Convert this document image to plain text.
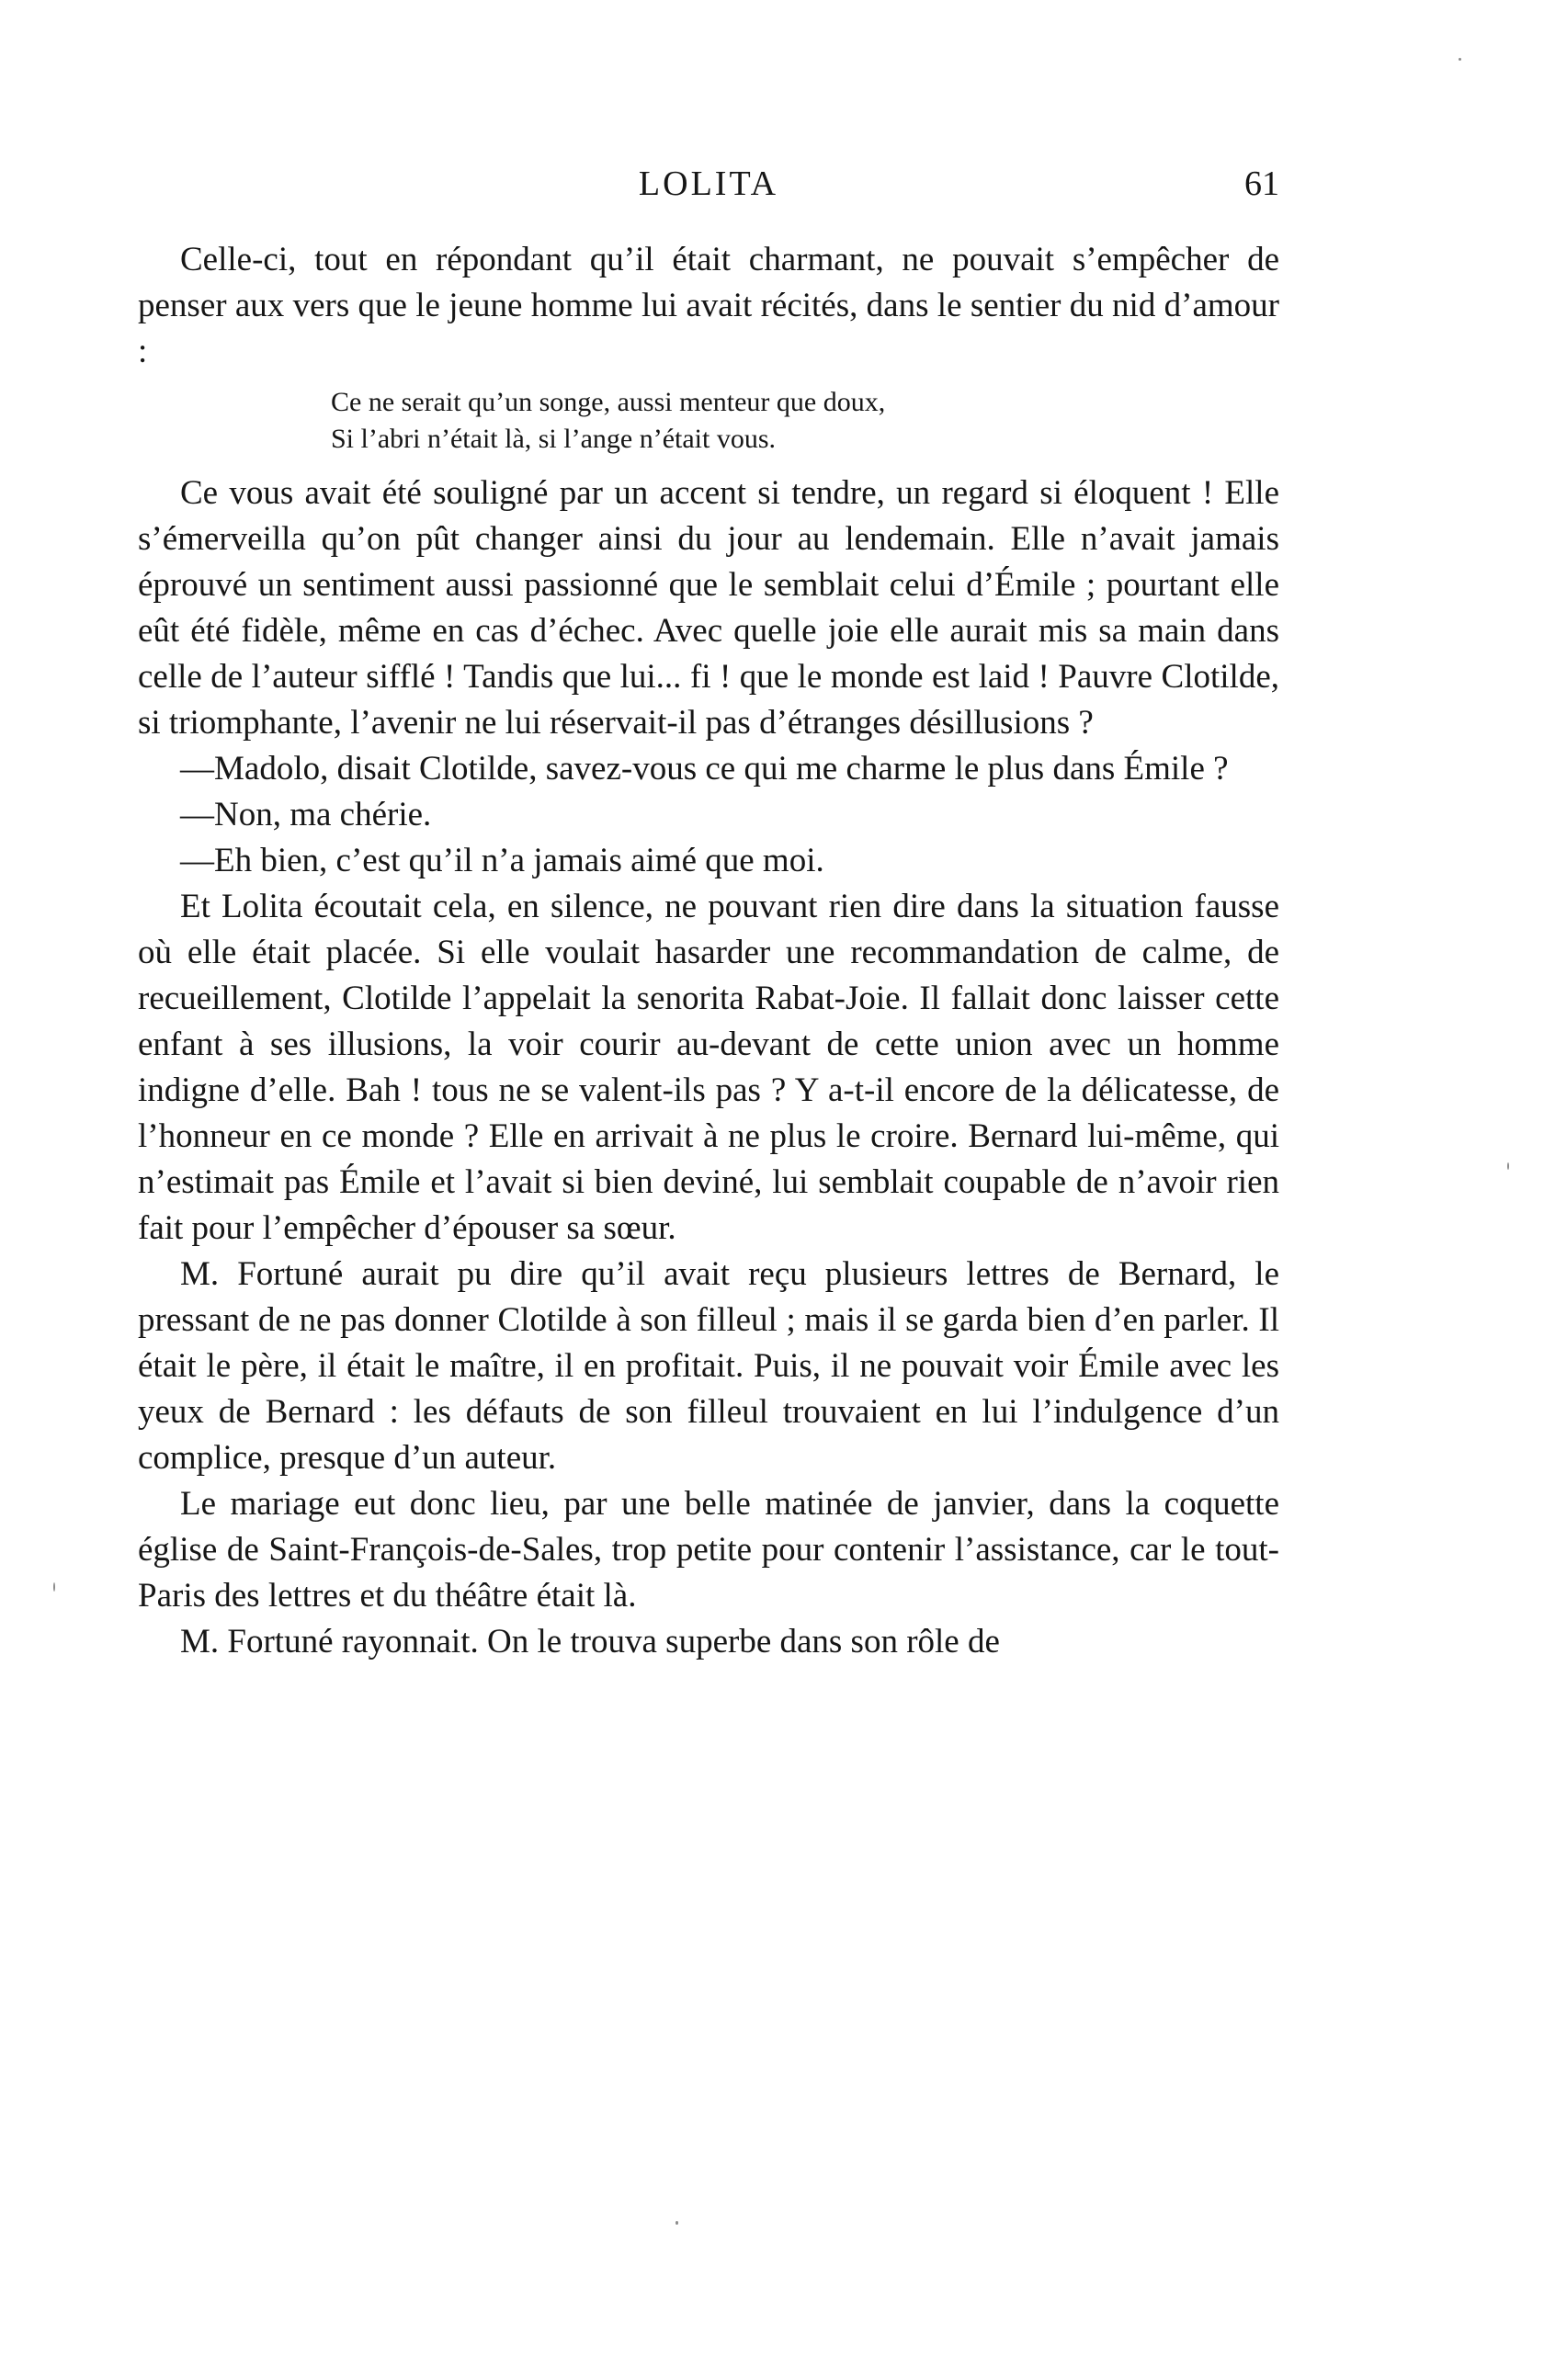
LOLITA	61

Celle-ci, tout en répondant qu’il était charmant, ne pouvait s’empêcher de penser aux vers que le jeune homme lui avait récités, dans le sentier du nid d’amour :

Ce ne serait qu’un songe, aussi menteur que doux,
Si l’abri n’était là, si l’ange n’était vous.

Ce vous avait été souligné par un accent si tendre, un regard si éloquent ! Elle s’émerveilla qu’on pût changer ainsi du jour au lendemain. Elle n’avait jamais éprouvé un sentiment aussi passionné que le semblait celui d’Émile ; pourtant elle eût été fidèle, même en cas d’échec. Avec quelle joie elle aurait mis sa main dans celle de l’auteur sifflé ! Tandis que lui... fi ! que le monde est laid ! Pauvre Clotilde, si triomphante, l’avenir ne lui réservait-il pas d’étranges désillusions ?

—Madolo, disait Clotilde, savez-vous ce qui me charme le plus dans Émile ?

—Non, ma chérie.

—Eh bien, c’est qu’il n’a jamais aimé que moi.

Et Lolita écoutait cela, en silence, ne pouvant rien dire dans la situation fausse où elle était placée. Si elle voulait hasarder une recommandation de calme, de recueillement, Clotilde l’appelait la senorita Rabat-Joie. Il fallait donc laisser cette enfant à ses illusions, la voir courir au-devant de cette union avec un homme indigne d’elle. Bah ! tous ne se valent-ils pas ? Y a-t-il encore de la délicatesse, de l’honneur en ce monde ? Elle en arrivait à ne plus le croire. Bernard lui-même, qui n’estimait pas Émile et l’avait si bien deviné, lui semblait coupable de n’avoir rien fait pour l’empêcher d’épouser sa sœur.

M. Fortuné aurait pu dire qu’il avait reçu plusieurs lettres de Bernard, le pressant de ne pas donner Clotilde à son filleul ; mais il se garda bien d’en parler. Il était le père, il était le maître, il en profitait. Puis, il ne pouvait voir Émile avec les yeux de Bernard : les défauts de son filleul trouvaient en lui l’indulgence d’un complice, presque d’un auteur.

Le mariage eut donc lieu, par une belle matinée de janvier, dans la coquette église de Saint-François-de-Sales, trop petite pour contenir l’assistance, car le tout-Paris des lettres et du théâtre était là.

M. Fortuné rayonnait. On le trouva superbe dans son rôle de
